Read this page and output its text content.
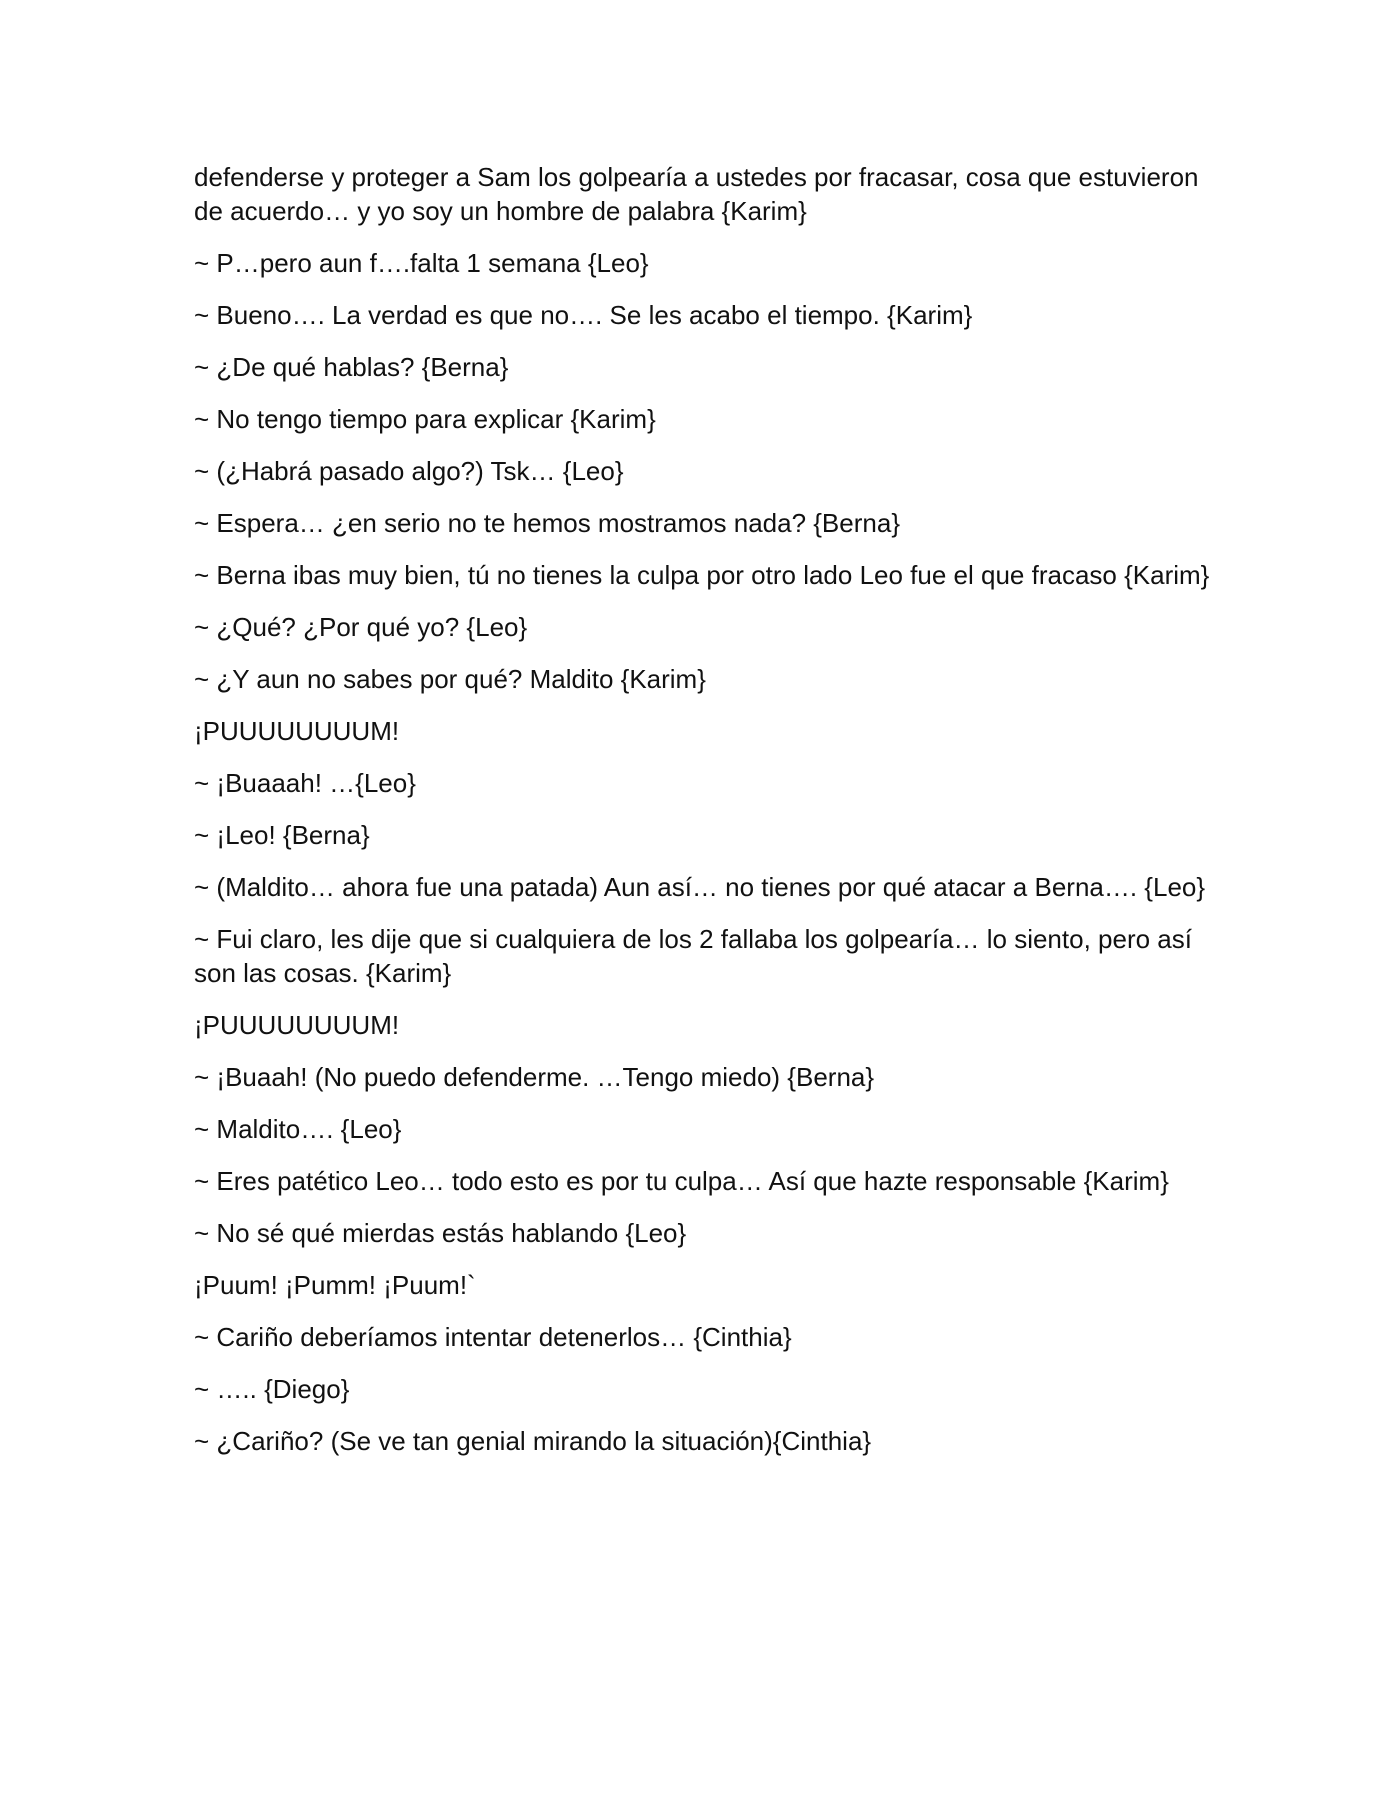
defenderse y proteger a Sam los golpearía a ustedes por fracasar, cosa que estuvieron de acuerdo… y yo soy un hombre de palabra {Karim}

~ P…pero aun f….falta 1 semana {Leo}

~ Bueno…. La verdad es que no…. Se les acabo el tiempo. {Karim}

~ ¿De qué hablas? {Berna}

~ No tengo tiempo para explicar {Karim}

~ (¿Habrá pasado algo?) Tsk… {Leo}

~ Espera… ¿en serio no te hemos mostramos nada? {Berna}

~ Berna ibas muy bien, tú no tienes la culpa por otro lado Leo fue el que fracaso {Karim}

~ ¿Qué? ¿Por qué yo? {Leo}

~ ¿Y aun no sabes por qué? Maldito {Karim}

¡PUUUUUUUUM!

~ ¡Buaaah! …{Leo}

~ ¡Leo! {Berna}

~ (Maldito… ahora fue una patada) Aun así… no tienes por qué atacar a Berna…. {Leo}

~ Fui claro, les dije que si cualquiera de los 2 fallaba los golpearía… lo siento, pero así son las cosas. {Karim}

¡PUUUUUUUUM!

~ ¡Buaah! (No puedo defenderme. …Tengo miedo) {Berna}

~ Maldito…. {Leo}

~ Eres patético Leo… todo esto es por tu culpa… Así que hazte responsable {Karim}

~ No sé qué mierdas estás hablando {Leo}

¡Puum! ¡Pumm! ¡Puum!`

~ Cariño deberíamos intentar detenerlos… {Cinthia}

~ ….. {Diego}

~ ¿Cariño? (Se ve tan genial mirando la situación){Cinthia}
